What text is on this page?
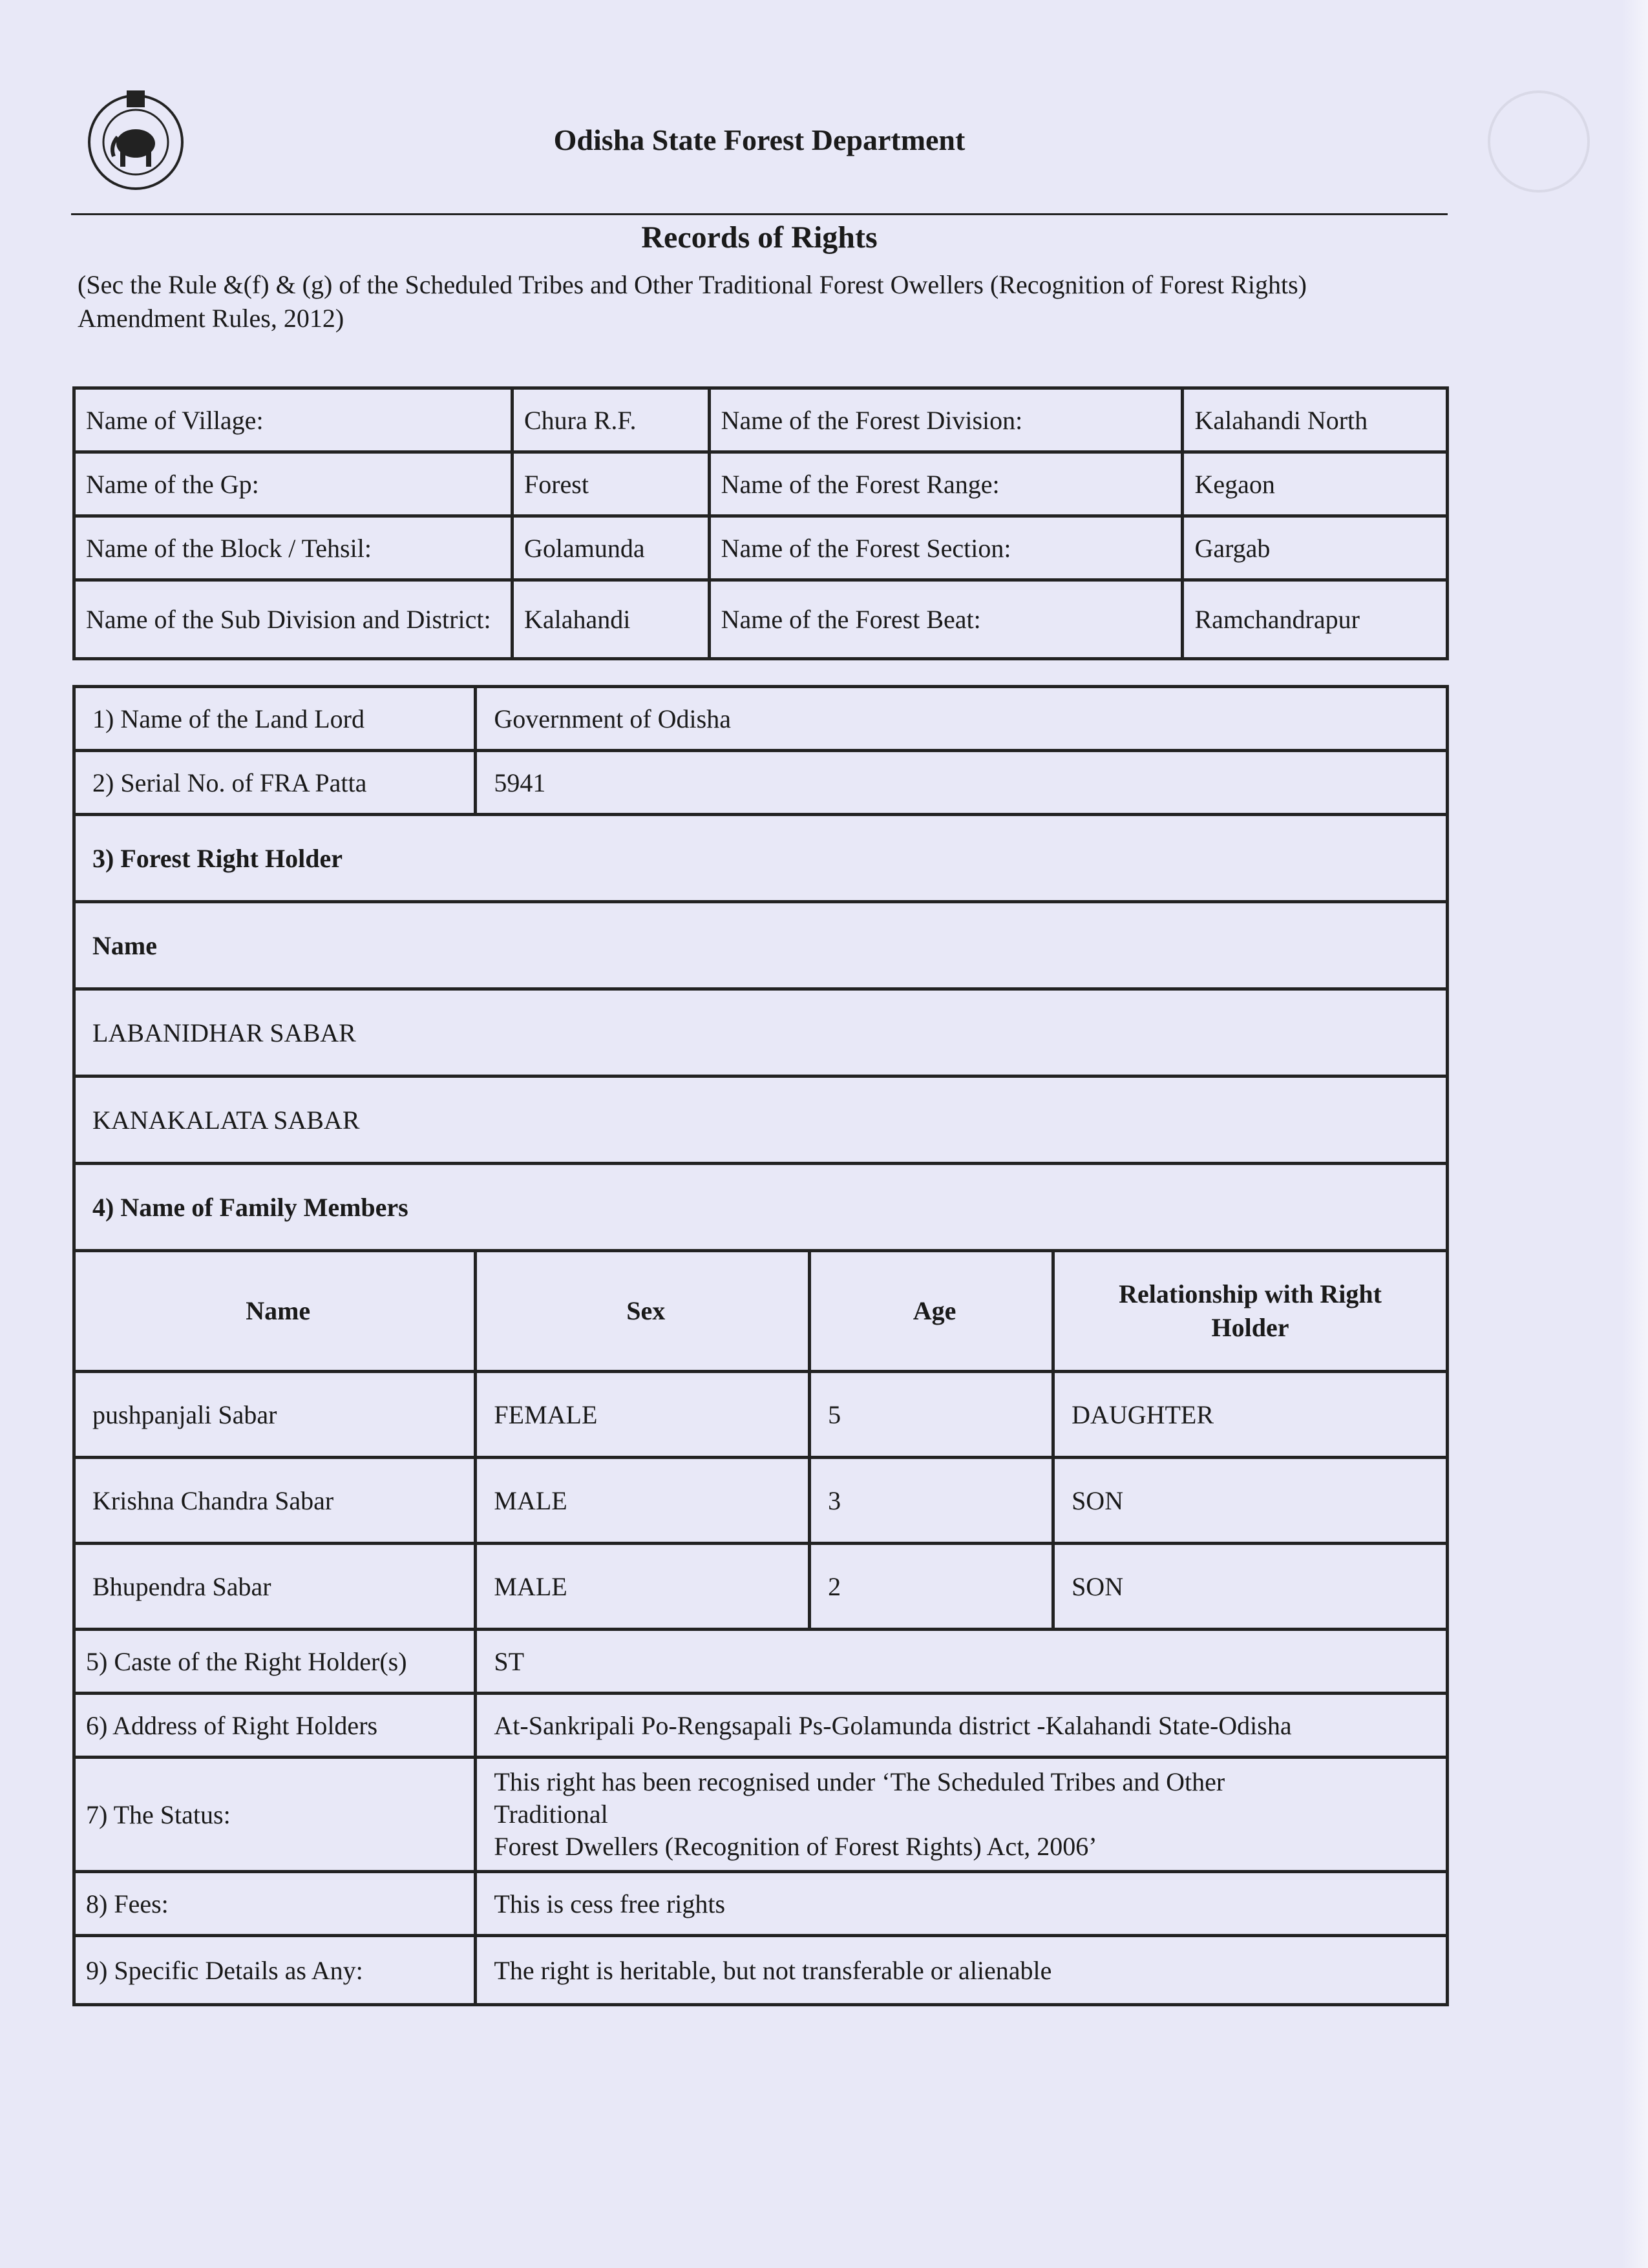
Odisha State Forest Department
Records of Rights
(Sec the Rule &(f) & (g) of the Scheduled Tribes and Other Traditional Forest Owellers (Recognition of Forest Rights) Amendment Rules, 2012)
Name of Village:	Chura R.F.	Name of the Forest Division:	Kalahandi North
Name of the Gp:	Forest	Name of the Forest Range:	Kegaon
Name of the Block / Tehsil:	Golamunda	Name of the Forest Section:	Gargab
Name of the Sub Division and District:	Kalahandi	Name of the Forest Beat:	Ramchandrapur
1) Name of the Land Lord	Government of Odisha		
2) Serial No. of FRA Patta	5941		
3) Forest Right Holder			
Name			
LABANIDHAR SABAR			
KANAKALATA SABAR			
4) Name of Family Members			
Name	Sex	Age	Relationship with Right Holder
pushpanjali Sabar	FEMALE	5	DAUGHTER
Krishna Chandra Sabar	MALE	3	SON
Bhupendra Sabar	MALE	2	SON
5) Caste of the Right Holder(s)	ST		
6) Address of Right Holders	At-Sankripali Po-Rengsapali Ps-Golamunda district -Kalahandi State-Odisha		
7) The Status:	This right has been recognised under ‘The Scheduled Tribes and Other
Traditional
Forest Dwellers (Recognition of Forest Rights) Act, 2006’		

8) Fees:	This is cess free rights		
9) Specific Details as Any:	The right is heritable, but not transferable or alienable		
